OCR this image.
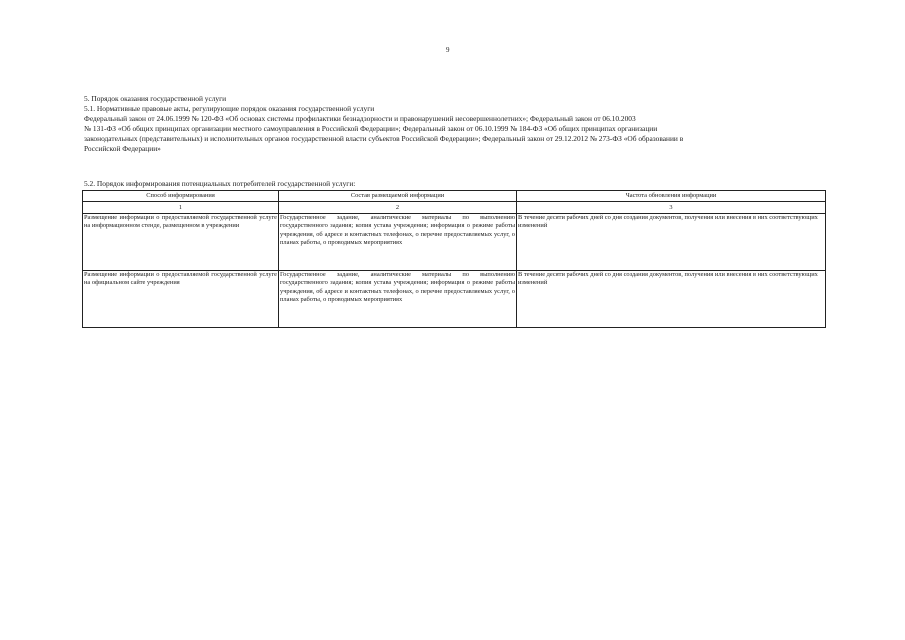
9

5. Порядок оказания государственной услуги

5.1. Нормативные правовые акты, регулирующие порядок оказания государственной услуги

Федеральный закон от 24.06.1999 № 120-ФЗ «Об основах системы профилактики безнадзорности и правонарушений несовершеннолетних»; Федеральный закон от 06.10.2003

№ 131-ФЗ «Об общих принципах организации местного самоуправления в Российской Федерации»; Федеральный закон от 06.10.1999 № 184-ФЗ «Об общих принципах организации

законодательных (представительных) и исполнительных органов государственной власти субъектов Российской Федерации»; Федеральный закон от 29.12.2012 № 273-ФЗ «Об образовании в

Российской Федерации»

5.2. Порядок информирования потенциальных потребителей государственной услуги:
Способ информирования	Состав размещаемой информации	Частота обновления информации
1	2	3
Размещение информации о предоставляемой государственной услуге на информационном стенде, размещенном в учреждении	Государственное задание, аналитические материалы по выполнению государственного задания; копия устава учреждения; информация о режиме работы учреждения, об адресе и контактных телефонах, о перечне предоставляемых услуг, о планах работы, о проводимых мероприятиях	В течение десяти рабочих дней со дня создания документов, получения или внесения в них соответствующих изменений
Размещение информации о предоставляемой государственной услуге на официальном сайте учреждения	Государственное задание, аналитические материалы по выполнению государственного задания; копия устава учреждения; информация о режиме работы учреждения, об адресе и контактных телефонах, о перечне предоставляемых услуг, о планах работы, о проводимых мероприятиях	В течение десяти рабочих дней со дня создания документов, получения или внесения в них соответствующих изменений
